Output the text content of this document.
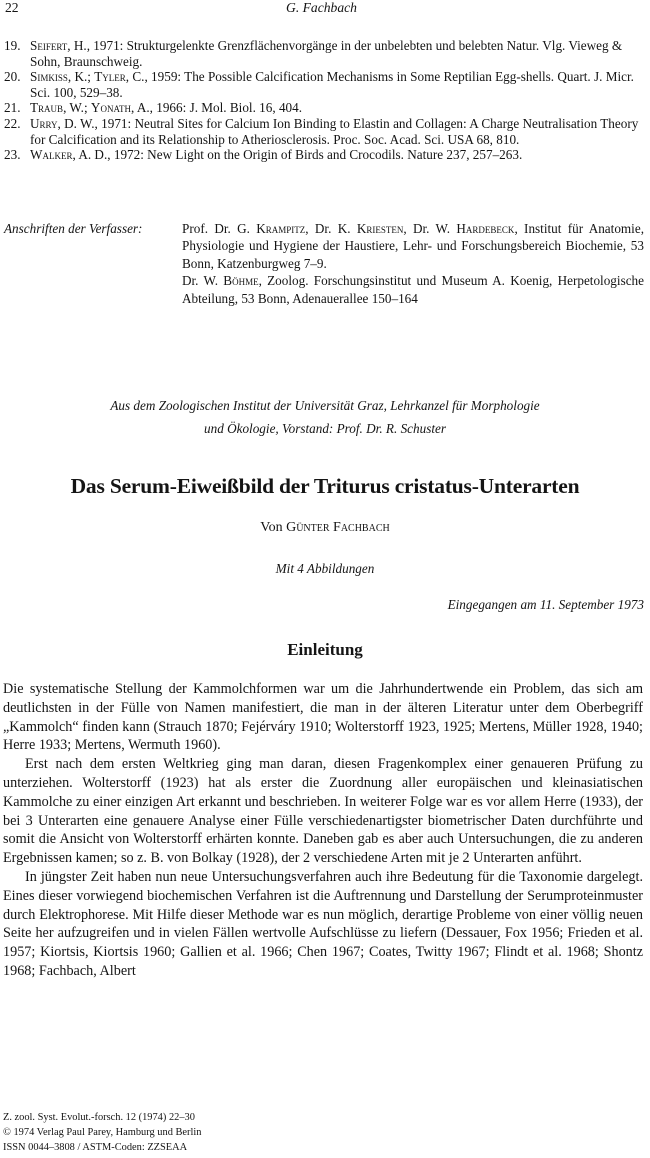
22	G. Fachbach
19. Seifert, H., 1971: Strukturgelenkte Grenzflächenvorgänge in der unbelebten und belebten Natur. Vlg. Vieweg & Sohn, Braunschweig.
20. Simkiss, K.; Tyler, C., 1959: The Possible Calcification Mechanisms in Some Reptilian Egg-shells. Quart. J. Micr. Sci. 100, 529–38.
21. Traub, W.; Yonath, A., 1966: J. Mol. Biol. 16, 404.
22. Urry, D. W., 1971: Neutral Sites for Calcium Ion Binding to Elastin and Collagen: A Charge Neutralisation Theory for Calcification and its Relationship to Atheriosclerosis. Proc. Soc. Acad. Sci. USA 68, 810.
23. Walker, A. D., 1972: New Light on the Origin of Birds and Crocodils. Nature 237, 257–263.
Anschriften der Verfasser:	Prof. Dr. G. Krampitz, Dr. K. Kriesten, Dr. W. Hardebeck, Institut für Anatomie, Physiologie und Hygiene der Haustiere, Lehr- und Forschungsbereich Biochemie, 53 Bonn, Katzenburgweg 7–9.
Dr. W. Böhme, Zoolog. Forschungsinstitut und Museum A. Koenig, Herpetologische Abteilung, 53 Bonn, Adenauerallee 150–164
Aus dem Zoologischen Institut der Universität Graz, Lehrkanzel für Morphologie
und Ökologie, Vorstand: Prof. Dr. R. Schuster
Das Serum-Eiweißbild der Triturus cristatus-Unterarten
Von Günter Fachbach
Mit 4 Abbildungen
Eingegangen am 11. September 1973
Einleitung

Die systematische Stellung der Kammolchformen war um die Jahrhundertwende ein Problem, das sich am deutlichsten in der Fülle von Namen manifestiert, die man in der älteren Literatur unter dem Oberbegriff „Kammolch“ finden kann (Strauch 1870; Fejérváry 1910; Wolterstorff 1923, 1925; Mertens, Müller 1928, 1940; Herre 1933; Mertens, Wermuth 1960).

Erst nach dem ersten Weltkrieg ging man daran, diesen Fragenkomplex einer genaueren Prüfung zu unterziehen. Wolterstorff (1923) hat als erster die Zuordnung aller europäischen und kleinasiatischen Kammolche zu einer einzigen Art erkannt und beschrieben. In weiterer Folge war es vor allem Herre (1933), der bei 3 Unterarten eine genauere Analyse einer Fülle verschiedenartigster biometrischer Daten durchführte und somit die Ansicht von Wolterstorff erhärten konnte. Daneben gab es aber auch Untersuchungen, die zu anderen Ergebnissen kamen; so z. B. von Bolkay (1928), der 2 verschiedene Arten mit je 2 Unterarten anführt.

In jüngster Zeit haben nun neue Untersuchungsverfahren auch ihre Bedeutung für die Taxonomie dargelegt. Eines dieser vorwiegend biochemischen Verfahren ist die Auftrennung und Darstellung der Serumproteinmuster durch Elektrophorese. Mit Hilfe dieser Methode war es nun möglich, derartige Probleme von einer völlig neuen Seite her aufzugreifen und in vielen Fällen wertvolle Aufschlüsse zu liefern (Dessauer, Fox 1956; Frieden et al. 1957; Kiortsis, Kiortsis 1960; Gallien et al. 1966; Chen 1967; Coates, Twitty 1967; Flindt et al. 1968; Shontz 1968; Fachbach, Albert

Z. zool. Syst. Evolut.-forsch. 12 (1974) 22–30
© 1974 Verlag Paul Parey, Hamburg und Berlin
ISSN 0044–3808 / ASTM-Coden: ZZSEAA
